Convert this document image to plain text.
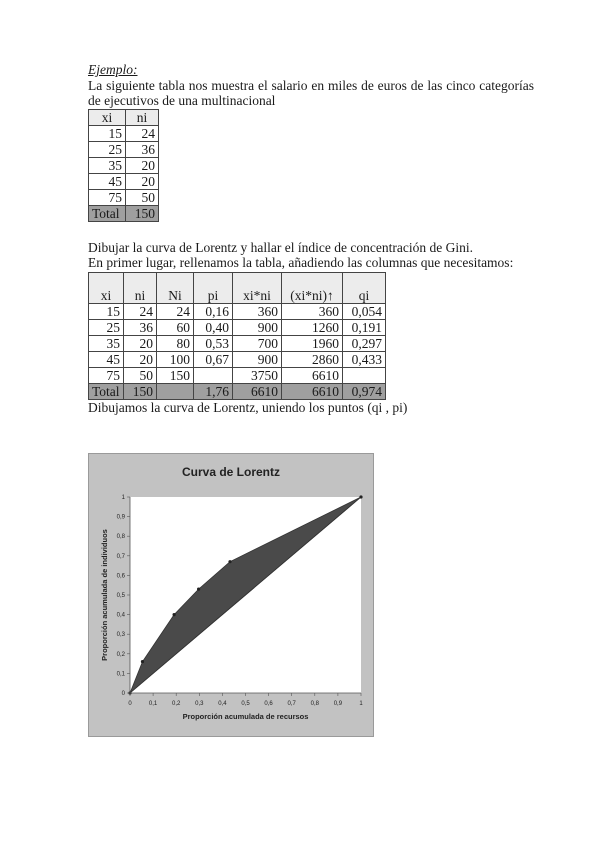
Ejemplo:
La siguiente tabla nos muestra el salario en miles de euros de las cinco categorías de ejecutivos de una multinacional
xi	ni
15	24
25	36
35	20
45	20
75	50
Total	150
Dibujar la curva de Lorentz y hallar el índice de concentración de Gini.
En primer lugar, rellenamos la tabla, añadiendo las columnas que necesitamos:
xi	ni	Ni	pi	xi*ni	(xi*ni)↑	qi
15	24	24	0,16	360	360	0,054
25	36	60	0,40	900	1260	0,191
35	20	80	0,53	700	1960	0,297
45	20	100	0,67	900	2860	0,433
75	50	150		3750	6610	
Total	150		1,76	6610	6610	0,974
Dibujamos la curva de Lorentz, uniendo los puntos (qi , pi)
Curva de Lorentz
0	0,1 0,2 0,3 0,4 0,5 0,6 0,7 0,8 0,9	1
0
0,1
0,2
0,3
0,4
0,5
0,6
0,7
0,8
0,9
1
Proporción acumulada de recursos
Proporción acumulada de individuos
